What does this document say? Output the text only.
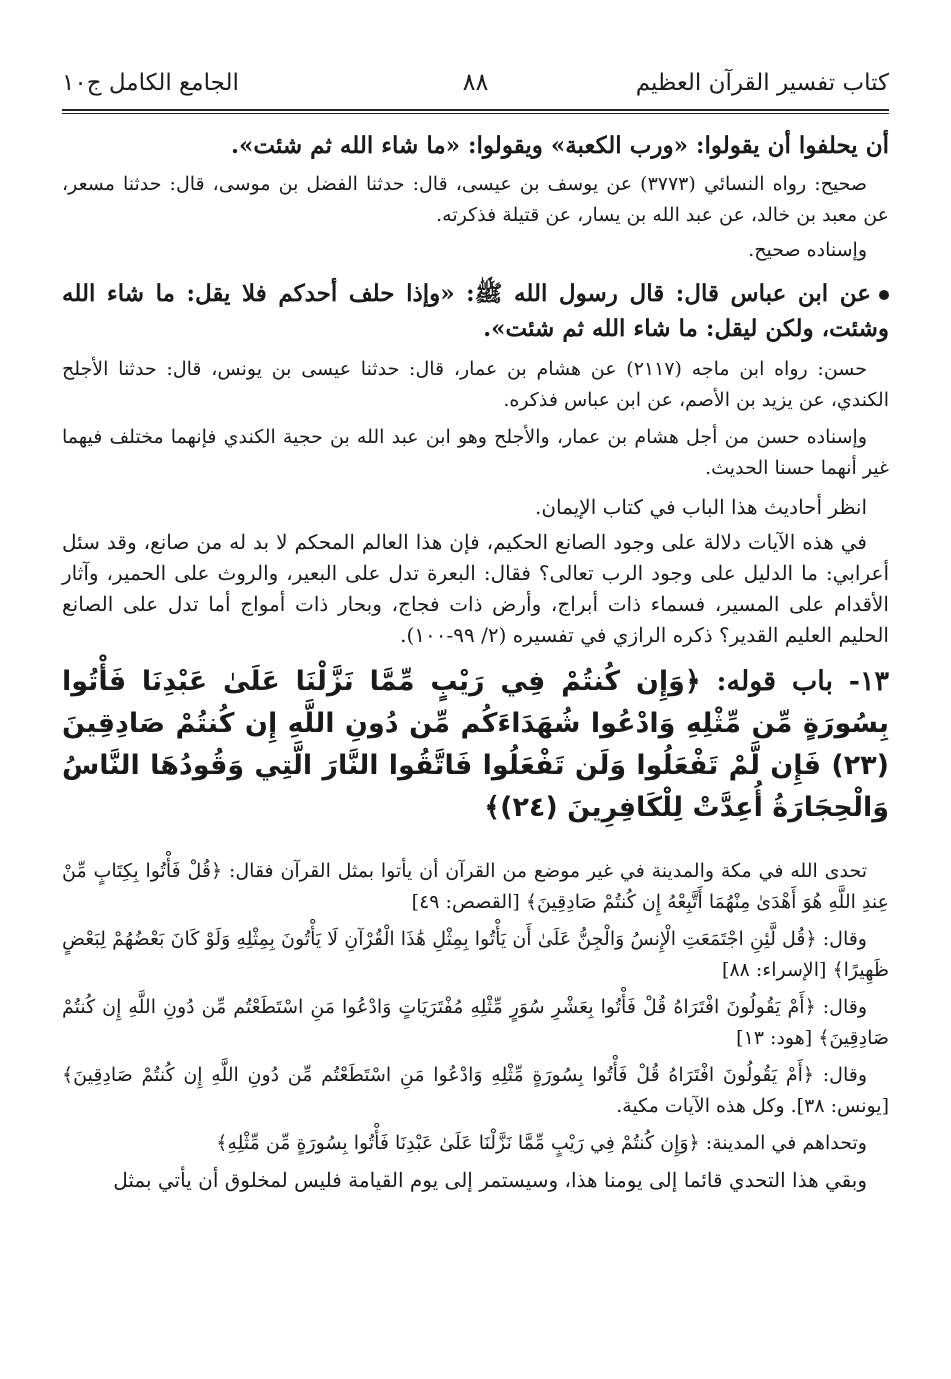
كتاب تفسير القرآن العظيم
٨٨
الجامع الكامل ج١٠

أن يحلفوا أن يقولوا: «ورب الكعبة» ويقولوا: «ما شاء الله ثم شئت».

صحيح: رواه النسائي (٣٧٧٣) عن يوسف بن عيسى، قال: حدثنا الفضل بن موسى، قال: حدثنا مسعر، عن معبد بن خالد، عن عبد الله بن يسار، عن قتيلة فذكرته.

وإسناده صحيح.

عن ابن عباس قال: قال رسول الله ﷺ: «وإذا حلف أحدكم فلا يقل: ما شاء الله وشئت، ولكن ليقل: ما شاء الله ثم شئت».

حسن: رواه ابن ماجه (٢١١٧) عن هشام بن عمار، قال: حدثنا عيسى بن يونس، قال: حدثنا الأجلح الكندي، عن يزيد بن الأصم، عن ابن عباس فذكره.

وإسناده حسن من أجل هشام بن عمار، والأجلح وهو ابن عبد الله بن حجية الكندي فإنهما مختلف فيهما غير أنهما حسنا الحديث.

انظر أحاديث هذا الباب في كتاب الإيمان.

في هذه الآيات دلالة على وجود الصانع الحكيم، فإن هذا العالم المحكم لا بد له من صانع، وقد سئل أعرابي: ما الدليل على وجود الرب تعالى؟ فقال: البعرة تدل على البعير، والروث على الحمير، وآثار الأقدام على المسير، فسماء ذات أبراج، وأرض ذات فجاج، وبحار ذات أمواج أما تدل على الصانع الحليم العليم القدير؟ ذكره الرازي في تفسيره (٢/ ٩٩-١٠٠).

١٣- باب قوله: ﴿وَإِن كُنتُمْ فِي رَيْبٍ مِّمَّا نَزَّلْنَا عَلَىٰ عَبْدِنَا فَأْتُوا بِسُورَةٍ مِّن مِّثْلِهِ وَادْعُوا شُهَدَاءَكُم مِّن دُونِ اللَّهِ إِن كُنتُمْ صَادِقِينَ (٢٣) فَإِن لَّمْ تَفْعَلُوا وَلَن تَفْعَلُوا فَاتَّقُوا النَّارَ الَّتِي وَقُودُهَا النَّاسُ وَالْحِجَارَةُ أُعِدَّتْ لِلْكَافِرِينَ (٢٤)﴾

تحدى الله في مكة والمدينة في غير موضع من القرآن أن يأتوا بمثل القرآن فقال: ﴿قُلْ فَأْتُوا بِكِتَابٍ مِّنْ عِندِ اللَّهِ هُوَ أَهْدَىٰ مِنْهُمَا أَتَّبِعْهُ إِن كُنتُمْ صَادِقِينَ﴾ [القصص: ٤٩]

وقال: ﴿قُل لَّئِنِ اجْتَمَعَتِ الْإِنسُ وَالْجِنُّ عَلَىٰ أَن يَأْتُوا بِمِثْلِ هَٰذَا الْقُرْآنِ لَا يَأْتُونَ بِمِثْلِهِ وَلَوْ كَانَ بَعْضُهُمْ لِبَعْضٍ ظَهِيرًا﴾ [الإسراء: ٨٨]

وقال: ﴿أَمْ يَقُولُونَ افْتَرَاهُ قُلْ فَأْتُوا بِعَشْرِ سُوَرٍ مِّثْلِهِ مُفْتَرَيَاتٍ وَادْعُوا مَنِ اسْتَطَعْتُم مِّن دُونِ اللَّهِ إِن كُنتُمْ صَادِقِينَ﴾ [هود: ١٣]

وقال: ﴿أَمْ يَقُولُونَ افْتَرَاهُ قُلْ فَأْتُوا بِسُورَةٍ مِّثْلِهِ وَادْعُوا مَنِ اسْتَطَعْتُم مِّن دُونِ اللَّهِ إِن كُنتُمْ صَادِقِينَ﴾ [يونس: ٣٨]. وكل هذه الآيات مكية.

وتحداهم في المدينة: ﴿وَإِن كُنتُمْ فِي رَيْبٍ مِّمَّا نَزَّلْنَا عَلَىٰ عَبْدِنَا فَأْتُوا بِسُورَةٍ مِّن مِّثْلِهِ﴾

وبقي هذا التحدي قائما إلى يومنا هذا، وسيستمر إلى يوم القيامة فليس لمخلوق أن يأتي بمثل
